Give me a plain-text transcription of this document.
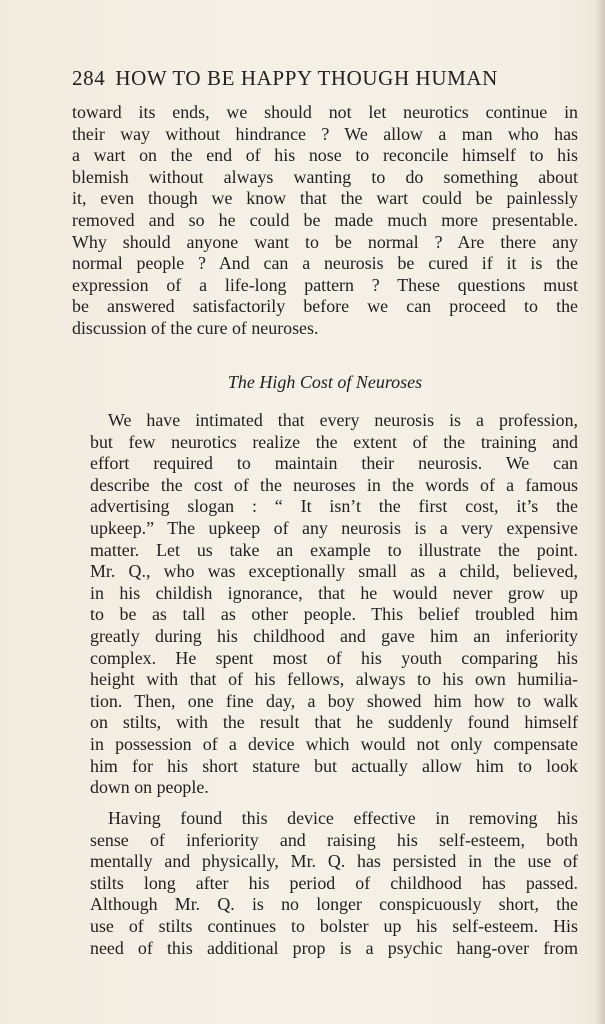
284 HOW TO BE HAPPY THOUGH HUMAN
toward its ends, we should not let neurotics continue in
their way without hindrance ? We allow a man who has
a wart on the end of his nose to reconcile himself to his
blemish without always wanting to do something about
it, even though we know that the wart could be painlessly
removed and so he could be made much more presentable.
Why should anyone want to be normal ? Are there any
normal people ? And can a neurosis be cured if it is the
expression of a life-long pattern ? These questions must
be answered satisfactorily before we can proceed to the
discussion of the cure of neuroses.
The High Cost of Neuroses
We have intimated that every neurosis is a profession,
but few neurotics realize the extent of the training and
effort required to maintain their neurosis. We can
describe the cost of the neuroses in the words of a famous
advertising slogan : “ It isn’t the first cost, it’s the
upkeep.” The upkeep of any neurosis is a very expensive
matter. Let us take an example to illustrate the point.
Mr. Q., who was exceptionally small as a child, believed,
in his childish ignorance, that he would never grow up
to be as tall as other people. This belief troubled him
greatly during his childhood and gave him an inferiority
complex. He spent most of his youth comparing his
height with that of his fellows, always to his own humilia-
tion. Then, one fine day, a boy showed him how to walk
on stilts, with the result that he suddenly found himself
in possession of a device which would not only compensate
him for his short stature but actually allow him to look
down on people.
Having found this device effective in removing his
sense of inferiority and raising his self-esteem, both
mentally and physically, Mr. Q. has persisted in the use of
stilts long after his period of childhood has passed.
Although Mr. Q. is no longer conspicuously short, the
use of stilts continues to bolster up his self-esteem. His
need of this additional prop is a psychic hang-over from
